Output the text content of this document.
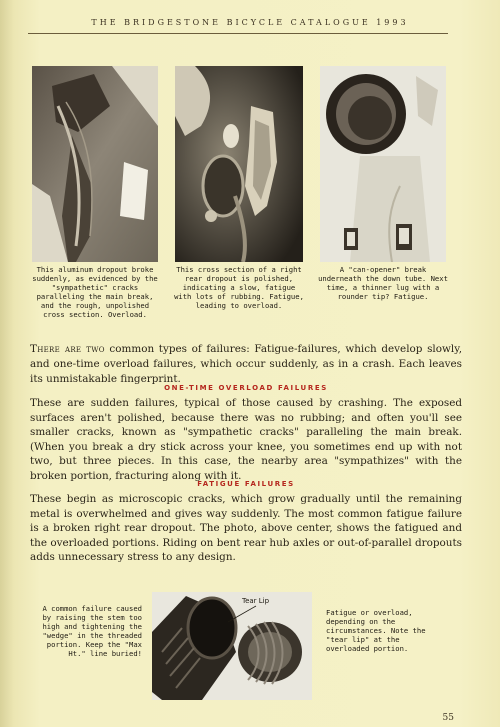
THE BRIDGESTONE BICYCLE CATALOGUE 1993
This aluminum dropout broke suddenly, as evidenced by the "sympathetic" cracks paralleling the main break, and the rough, unpolished cross section. Overload.
This cross section of a right rear dropout is polished, indicating a slow, fatigue with lots of rubbing. Fatigue, leading to overload.
A "can-opener" break underneath the down tube. Next time, a thinner lug with a rounder tip? Fatigue.
There are two common types of failures: Fatigue-failures, which develop slowly, and one-time overload failures, which occur suddenly, as in a crash. Each leaves its unmistakable fingerprint.
ONE-TIME OVERLOAD FAILURES
These are sudden failures, typical of those caused by crashing. The exposed surfaces aren't polished, because there was no rubbing; and often you'll see smaller cracks, known as "sympathetic cracks" paralleling the main break. (When you break a dry stick across your knee, you sometimes end up with not two, but three pieces. In this case, the nearby area "sympathizes" with the broken portion, fracturing along with it.
FATIGUE FAILURES
These begin as microscopic cracks, which grow gradually until the remaining metal is overwhelmed and gives way suddenly. The most common fatigue failure is a broken right rear dropout. The photo, above center, shows the fatigued and the overloaded portions. Riding on bent rear hub axles or out-of-parallel dropouts adds unnecessary stress to any design.
A common failure caused by raising the stem too high and tightening the "wedge" in the threaded portion. Keep the "Max Ht." line buried!
Tear Lip
Fatigue or overload, depending on the circumstances. Note the "tear lip" at the overloaded portion.
55
